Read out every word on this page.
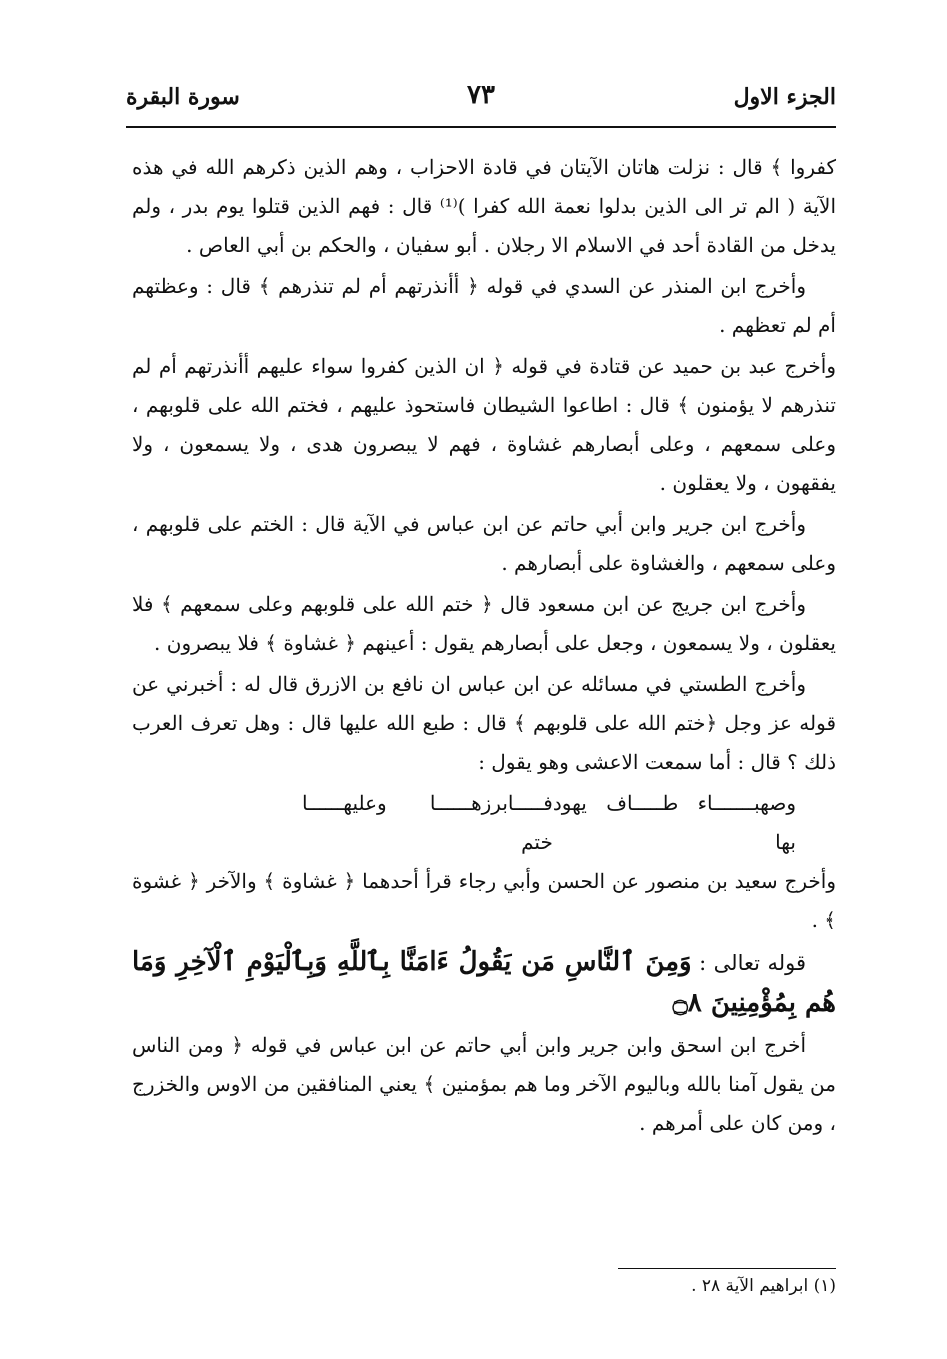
الجزء الاول
٧٣
سورة البقرة

كفروا ﴾ قال : نزلت هاتان الآيتان في قادة الاحزاب ، وهم الذين ذكرهم الله في هذه الآية ( الم تر الى الذين بدلوا نعمة الله كفرا )⁽¹⁾ قال : فهم الذين قتلوا يوم بدر ، ولم يدخل من القادة أحد في الاسلام الا رجلان . أبو سفيان ، والحكم بن أبي العاص .

وأخرج ابن المنذر عن السدي في قوله ﴿ أأنذرتهم أم لم تنذرهم ﴾ قال : وعظتهم أم لم تعظهم .

وأخرج عبد بن حميد عن قتادة في قوله ﴿ ان الذين كفروا سواء عليهم أأنذرتهم أم لم تنذرهم لا يؤمنون ﴾ قال : اطاعوا الشيطان فاستحوذ عليهم ، فختم الله على قلوبهم ، وعلى سمعهم ، وعلى أبصارهم غشاوة ، فهم لا يبصرون هدى ، ولا يسمعون ، ولا يفقهون ، ولا يعقلون .

وأخرج ابن جرير وابن أبي حاتم عن ابن عباس في الآية قال : الختم على قلوبهم ، وعلى سمعهم ، والغشاوة على أبصارهم .

وأخرج ابن جريج عن ابن مسعود قال ﴿ ختم الله على قلوبهم وعلى سمعهم ﴾ فلا يعقلون ، ولا يسمعون ، وجعل على أبصارهم يقول : أعينهم ﴿ غشاوة ﴾ فلا يبصرون .

وأخرج الطستي في مسائله عن ابن عباس ان نافع بن الازرق قال له : أخبرني عن قوله عز وجل ﴿ختم الله على قلوبهم ﴾ قال : طبع الله عليها قال : وهل تعرف العرب ذلك ؟ قال : أما سمعت الاعشى وهو يقول :

وصهبـــــــاء طـــــاف يهود بها
فـــــابرزهــــــا وعليهــــــا ختم

وأخرج سعيد بن منصور عن الحسن وأبي رجاء قرأ أحدهما ﴿ غشاوة ﴾ والآخر ﴿ غشوة ﴾ .

قوله تعالى : وَمِنَ ٱلنَّاسِ مَن يَقُولُ ءَامَنَّا بِٱللَّهِ وَبِٱلْيَوْمِ ٱلْآخِرِ وَمَا هُم بِمُؤْمِنِينَ ۝٨

أخرج ابن اسحق وابن جرير وابن أبي حاتم عن ابن عباس في قوله ﴿ ومن الناس من يقول آمنا بالله وباليوم الآخر وما هم بمؤمنين ﴾ يعني المنافقين من الاوس والخزرج ، ومن كان على أمرهم .

(١) ابراهيم الآية ٢٨ .
